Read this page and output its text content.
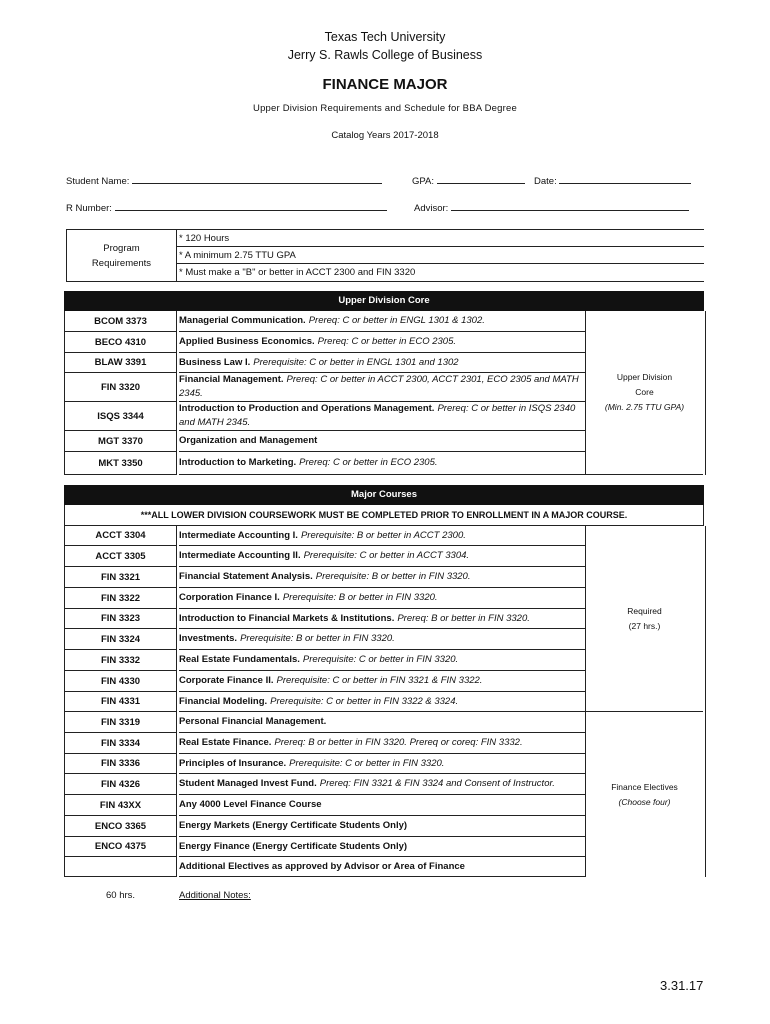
Texas Tech University
Jerry S. Rawls College of Business
FINANCE MAJOR
Upper Division Requirements and Schedule for BBA Degree
Catalog Years 2017-2018
Student Name:	GPA:	Date:
R Number:	Advisor:
Program
Requirements
* 120 Hours
* A minimum 2.75 TTU GPA
* Must make a "B" or better in ACCT 2300 and FIN 3320
Upper Division Core
Upper Division
Core
(Min. 2.75 TTU GPA)
BCOM 3373	Managerial Communication. Prereq: C or better in ENGL 1301 & 1302.
BECO 4310	Applied Business Economics. Prereq: C or better in ECO 2305.
BLAW 3391	Business Law I. Prerequisite: C or better in ENGL 1301 and 1302
FIN 3320
Financial Management. Prereq: C or better in ACCT 2300, ACCT 2301, ECO 2305 and MATH 2345.
ISQS 3344
Introduction to Production and Operations Management. Prereq: C or better in ISQS 2340 and MATH 2345.
MGT 3370	Organization and Management
MKT 3350	Introduction to Marketing. Prereq: C or better in ECO 2305.
Major Courses
***ALL LOWER DIVISION COURSEWORK MUST BE COMPLETED PRIOR TO ENROLLMENT IN A MAJOR COURSE.
Required
(27 hrs.)
Finance Electives
(Choose four)
ACCT 3304	Intermediate Accounting I. Prerequisite: B or better in ACCT 2300.
ACCT 3305	Intermediate Accounting II. Prerequisite: C or better in ACCT 3304.
FIN 3321	Financial Statement Analysis. Prerequisite: B or better in FIN 3320.
FIN 3322	Corporation Finance I. Prerequisite: B or better in FIN 3320.
FIN 3323	Introduction to Financial Markets & Institutions. Prereq: B or better in FIN 3320.
FIN 3324	Investments. Prerequisite: B or better in FIN 3320.
FIN 3332	Real Estate Fundamentals. Prerequisite: C or better in FIN 3320.
FIN 4330	Corporate Finance II. Prerequisite: C or better in FIN 3321 & FIN 3322.
FIN 4331	Financial Modeling. Prerequisite: C or better in FIN 3322 & 3324.
FIN 3319	Personal Financial Management.
FIN 3334	Real Estate Finance. Prereq: B or better in FIN 3320. Prereq or coreq: FIN 3332.
FIN 3336	Principles of Insurance. Prerequisite: C or better in FIN 3320.
FIN 4326	Student Managed Invest Fund. Prereq: FIN 3321 & FIN 3324 and Consent of Instructor.
FIN 43XX	Any 4000 Level Finance Course
ENCO 3365	Energy Markets (Energy Certificate Students Only)
ENCO 4375	Energy Finance (Energy Certificate Students Only)
Additional Electives as approved by Advisor or Area of Finance
60 hrs.	Additional Notes:
3.31.17
